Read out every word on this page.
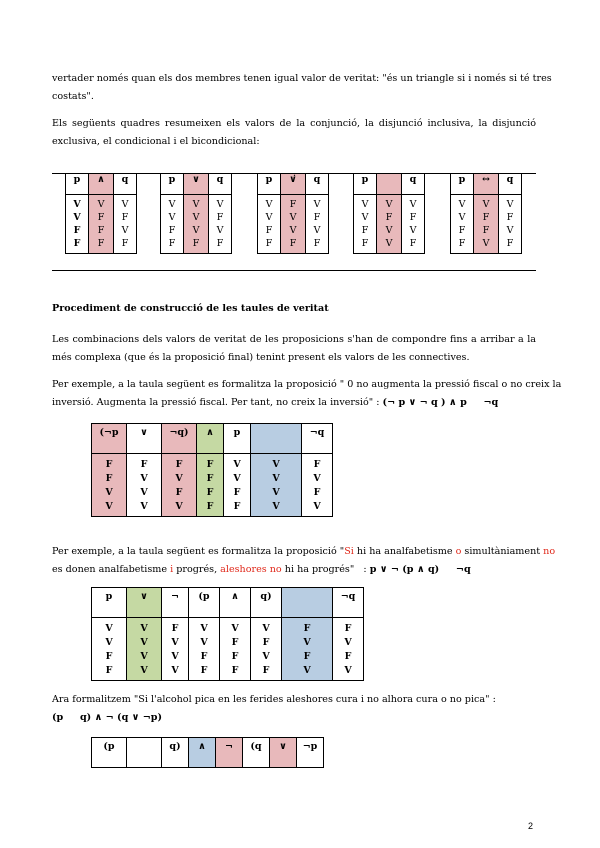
vertader només quan els dos membres tenen igual valor de veritat: "és un triangle si i només si té tres
costats".
Els següents quadres resumeixen els valors de la conjunció, la disjunció inclusiva, la disjunció exclusiva, el condicional i el bicondicional:
p	∧	q
V	V	V
V	F	F
F	F	V
F	F	F
p	∨	q
V	V	V
V	V	F
F	V	V
F	F	F
p	∨̇	q
V	F	V
V	V	F
F	V	V
F	F	F
p		q
V	V	V
V	F	F
F	V	V
F	V	F
p	↔	q
V	V	V
V	F	F
F	F	V
F	V	F
Procediment de construcció de les taules de veritat
Les combinacions dels valors de veritat de les proposicions s'han de compondre fins a arribar a la més complexa (que és la proposició final) tenint present els valors de les connectives.
Per exemple, a la taula següent es formalitza la proposició " 0 no augmenta la pressió fiscal o no creix la
inversió. Augmenta la pressió fiscal. Per tant, no creix la inversió" : (¬ p ∨ ¬ q ) ∧ p     ¬q
(¬p	∨	¬q)	∧	p		¬q
F	F	F	F	V	V	F
F	V	V	F	V	V	V
V	V	F	F	F	V	F
V	V	V	F	F	V	V
Per exemple, a la taula següent es formalitza la proposició "Si hi ha analfabetisme o simultàniament no
es donen analfabetisme i progrés, aleshores no hi ha progrés"   : p ∨ ¬ (p ∧ q)     ¬q
p	∨	¬	(p	∧	q)		¬q
V	V	F	V	V	V	F	F
V	V	V	V	F	F	V	V
F	V	V	F	F	V	F	F
F	V	V	F	F	F	V	V
Ara formalitzem "Si l'alcohol pica en les ferides aleshores cura i no alhora cura o no pica" :
(p     q) ∧ ¬ (q ∨ ¬p)
(p		q)	∧	¬	(q	∨	¬p
2
